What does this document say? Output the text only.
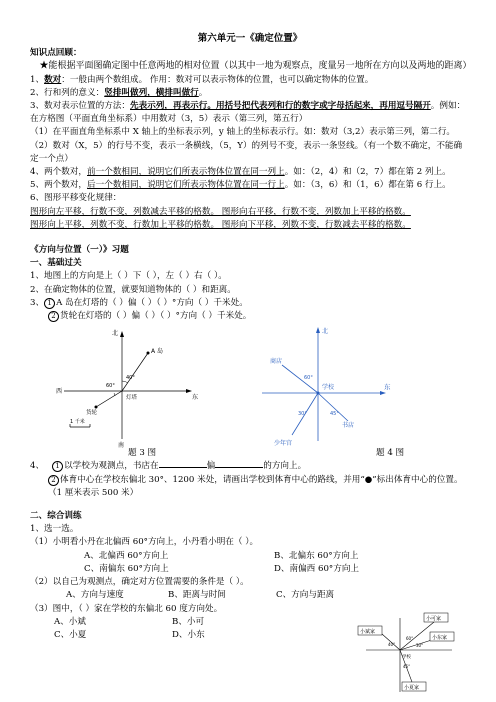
第六单元一《确定位置》
知识点回顾：

★能根据平面图确定图中任意两地的相对位置（以其中一地为观察点，度量另一地所在方向以及两地的距离）

1、数对：一般由两个数组成。 作用：数对可以表示物体的位置，也可以确定物体的位置。

2、行和列的意义：竖排叫做列，横排叫做行。

3、数对表示位置的方法：先表示列，再表示行。用括号把代表列和行的数字或字母括起来，再用逗号隔开。例如：在方格图（平面直角坐标系）中用数对（3，5）表示（第三列，第五行）

（1）在平面直角坐标系中 X 轴上的坐标表示列，y 轴上的坐标表示行。如：数对（3,2）表示第三列，第二行。

（2）数对（X，5）的行号不变，表示一条横线，（5，Y）的列号不变，表示一条竖线。（有一个数不确定，不能确定一个点）

4、两个数对，前一个数相同，说明它们所表示物体位置在同一列上。如：（2，4）和（2，7）都在第 2 列上。

5、两个数对，后一个数相同，说明它们所表示物体位置在同一行上。如：（3，6）和（1，6）都在第 6 行上。

6、图形平移变化规律：

图形向左平移，行数不变，列数减去平移的格数。 图形向右平移，行数不变，列数加上平移的格数。

图形向上平移，列数不变，行数加上平移的格数。 图形向下平移，列数不变，行数减去平移的格数。

《方向与位置（一）》习题
一、基础过关

1、地图上的方向是上（ ）下（ ），左（ ）右（ ）。

2、在确定物体的位置，就要知道物体的（ ）和距离。

3、 1 A 岛在灯塔的（ ）偏（ ）（ ）°方向（ ）千米处。

2 货轮在灯塔的（ ）偏（ ）（ ）°方向（ ）千米处。

北
南
西
东
A 岛
灯塔
货轮
40°
60°
1 千米
北
东
学校
商店
书店
少年宫
60°
30°	45°
题 3 图	题 4 图

4、 1 以学校为观测点，书店在	偏	的方向上。

2 体育中心在学校东偏北 30°、1200 米处，请画出学校到体育中心的路线，并用“●”标出体育中心的位置。（1 厘米表示 500 米）

二、综合训练

1、选一选。

（1）小明看小丹在北偏西 60°方向上，小丹看小明在（ ）。

A、北偏西 60°方向上	B、北偏东 60°方向上
C、南偏东 60°方向上	D、南偏西 60°方向上

（2）以自己为观测点，确定对方位置需要的条件是（ ）。

A、方向与速度	B、距离与时间	C、方向与距离

（3）图中，（ ）家在学校的东偏北 60 度方向处。

A、小斌	B、小可
C、小夏	D、小东
小可家
小东家
小斌家
小夏家
学校
60°
30°
40°
45°
